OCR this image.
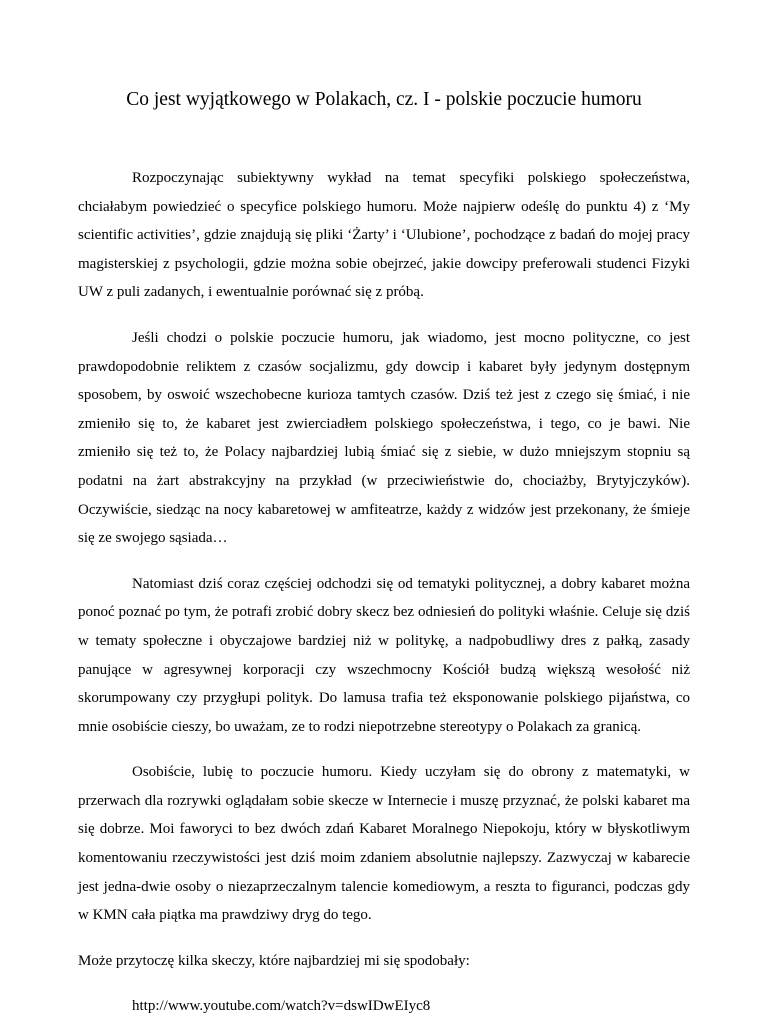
Co jest wyjątkowego w Polakach, cz. I - polskie poczucie humoru

Rozpoczynając subiektywny wykład na temat specyfiki polskiego społeczeństwa, chciałabym powiedzieć o specyfice polskiego humoru. Może najpierw odeślę do punktu 4) z ‘My scientific activities’, gdzie znajdują się pliki ‘Żarty’ i ‘Ulubione’, pochodzące z badań do mojej pracy magisterskiej z psychologii, gdzie można sobie obejrzeć, jakie dowcipy preferowali studenci Fizyki UW z puli zadanych, i ewentualnie porównać się z próbą.

Jeśli chodzi o polskie poczucie humoru, jak wiadomo, jest mocno polityczne, co jest prawdopodobnie reliktem z czasów socjalizmu, gdy dowcip i kabaret były jedynym dostępnym sposobem, by oswoić wszechobecne kurioza tamtych czasów. Dziś też jest z czego się śmiać, i nie zmieniło się to, że kabaret jest zwierciadłem polskiego społeczeństwa, i tego, co je bawi. Nie zmieniło się też to, że Polacy najbardziej lubią śmiać się z siebie, w dużo mniejszym stopniu są podatni na żart abstrakcyjny na przykład (w przeciwieństwie do, chociażby, Brytyjczyków). Oczywiście, siedząc na nocy kabaretowej w amfiteatrze, każdy z widzów jest przekonany, że śmieje się ze swojego sąsiada…

Natomiast dziś coraz częściej odchodzi się od tematyki politycznej, a dobry kabaret można ponoć poznać po tym, że potrafi zrobić dobry skecz bez odniesień do polityki właśnie. Celuje się dziś w tematy społeczne i obyczajowe bardziej niż w politykę, a nadpobudliwy dres z pałką, zasady panujące w agresywnej korporacji czy wszechmocny Kościół budzą większą wesołość niż skorumpowany czy przygłupi polityk. Do lamusa trafia też eksponowanie polskiego pijaństwa, co mnie osobiście cieszy, bo uważam, ze to rodzi niepotrzebne stereotypy o Polakach za granicą.

Osobiście, lubię to poczucie humoru. Kiedy uczyłam się do obrony z matematyki, w przerwach dla rozrywki oglądałam sobie skecze w Internecie i muszę przyznać, że polski kabaret ma się dobrze. Moi faworyci to bez dwóch zdań Kabaret Moralnego Niepokoju, który w błyskotliwym komentowaniu rzeczywistości jest dziś moim zdaniem absolutnie najlepszy. Zazwyczaj w kabarecie jest jedna-dwie osoby o niezaprzeczalnym talencie komediowym, a reszta to figuranci, podczas gdy w KMN cała piątka ma prawdziwy dryg do tego.

Może przytoczę kilka skeczy, które najbardziej mi się spodobały:

http://www.youtube.com/watch?v=dswIDwEIyc8
